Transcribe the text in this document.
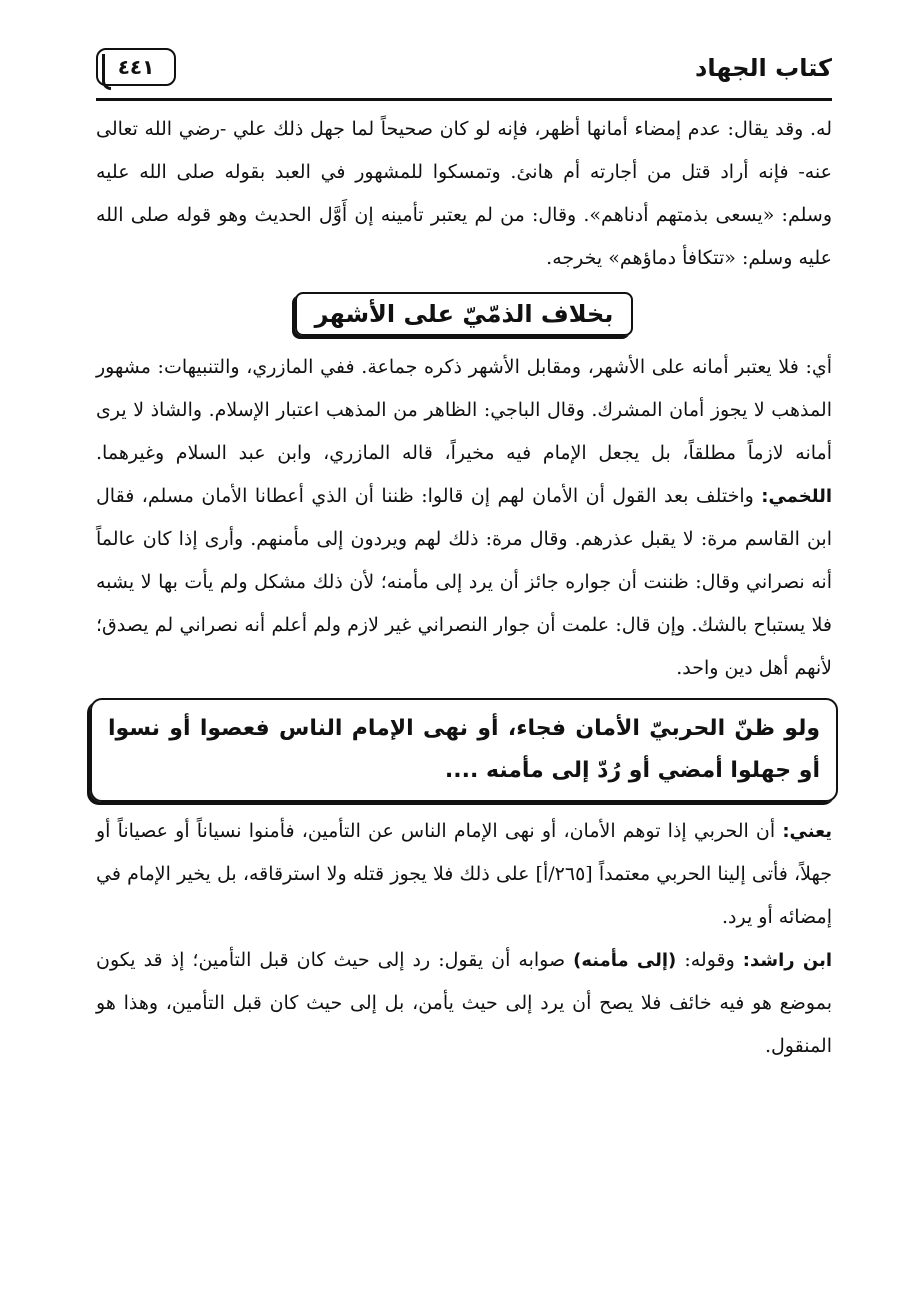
كتاب الجهاد
٤٤١

له. وقد يقال: عدم إمضاء أمانها أظهر، فإنه لو كان صحيحاً لما جهل ذلك علي -رضي الله تعالى عنه- فإنه أراد قتل من أجارته أم هانئ. وتمسكوا للمشهور في العبد بقوله صلى الله عليه وسلم: «يسعى بذمتهم أدناهم». وقال: من لم يعتبر تأمينه إن أَوَّل الحديث وهو قوله صلى الله عليه وسلم: «تتكافأ دماؤهم» يخرجه.

بخلاف الذمّيّ على الأشهر

أي: فلا يعتبر أمانه على الأشهر، ومقابل الأشهر ذكره جماعة. ففي المازري، والتنبيهات: مشهور المذهب لا يجوز أمان المشرك. وقال الباجي: الظاهر من المذهب اعتبار الإسلام. والشاذ لا يرى أمانه لازماً مطلقاً، بل يجعل الإمام فيه مخيراً، قاله المازري، وابن عبد السلام وغيرهما. اللخمي: واختلف بعد القول أن الأمان لهم إن قالوا: ظننا أن الذي أعطانا الأمان مسلم، فقال ابن القاسم مرة: لا يقبل عذرهم. وقال مرة: ذلك لهم ويردون إلى مأمنهم. وأرى إذا كان عالماً أنه نصراني وقال: ظننت أن جواره جائز أن يرد إلى مأمنه؛ لأن ذلك مشكل ولم يأت بها لا يشبه فلا يستباح بالشك. وإن قال: علمت أن جوار النصراني غير لازم ولم أعلم أنه نصراني لم يصدق؛ لأنهم أهل دين واحد.

ولو ظنّ الحربيّ الأمان فجاء، أو نهى الإمام الناس فعصوا أو نسوا أو جهلوا أمضي أو رُدّ إلى مأمنه ....

يعني: أن الحربي إذا توهم الأمان، أو نهى الإمام الناس عن التأمين، فأمنوا نسياناً أو عصياناً أو جهلاً، فأتى إلينا الحربي معتمداً [٢٦٥/أ] على ذلك فلا يجوز قتله ولا استرقاقه، بل يخير الإمام في إمضائه أو يرد.

ابن راشد: وقوله: (إلى مأمنه) صوابه أن يقول: رد إلى حيث كان قبل التأمين؛ إذ قد يكون بموضع هو فيه خائف فلا يصح أن يرد إلى حيث يأمن، بل إلى حيث كان قبل التأمين، وهذا هو المنقول.
